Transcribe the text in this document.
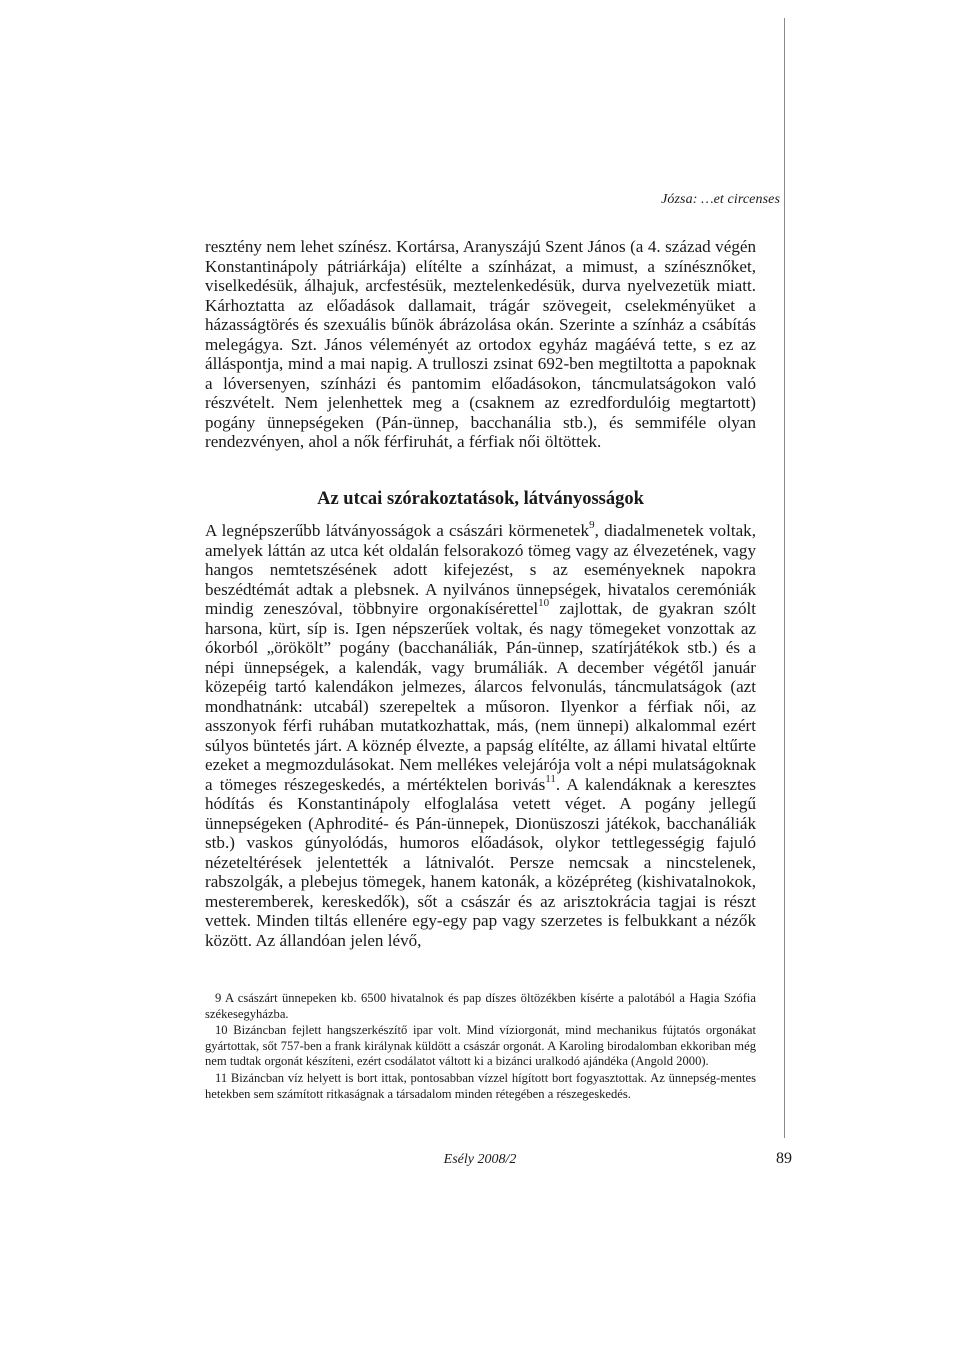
Józsa: …et circenses

resztény nem lehet színész. Kortársa, Aranyszájú Szent János (a 4. század végén Konstantinápoly pátriárkája) elítélte a színházat, a mimust, a színésznőket, viselkedésük, álhajuk, arcfestésük, meztelenkedésük, durva nyelvezetük miatt. Kárhoztatta az előadások dallamait, trágár szövegeit, cselekményüket a házasságtörés és szexuális bűnök ábrázolása okán. Szerinte a színház a csábítás melegágya. Szt. János véleményét az ortodox egyház magáévá tette, s ez az álláspontja, mind a mai napig. A trulloszi zsinat 692-ben megtiltotta a papoknak a lóversenyen, színházi és pantomim előadásokon, táncmulatságokon való részvételt. Nem jelenhettek meg a (csaknem az ezredfordulóig megtartott) pogány ünnepségeken (Pán-ünnep, bacchanália stb.), és semmiféle olyan rendezvényen, ahol a nők férfiruhát, a férfiak női öltöttek.

Az utcai szórakoztatások, látványosságok

A legnépszerűbb látványosságok a császári körmenetek$^9$, diadalmenetek voltak, amelyek láttán az utca két oldalán felsorakozó tömeg vagy az élvezetének, vagy hangos nemtetszésének adott kifejezést, s az eseményeknek napokra beszédtémát adtak a plebsnek. A nyilvános ünnepségek, hivatalos ceremóniák mindig zeneszóval, többnyire orgonakísérettel$^{10}$ zajlottak, de gyakran szólt harsona, kürt, síp is. Igen népszerűek voltak, és nagy tömegeket vonzottak az ókorból „örökölt” pogány (bacchanáliák, Pán-ünnep, szatírjátékok stb.) és a népi ünnepségek, a kalendák, vagy brumáliák. A december végétől január közepéig tartó kalendákon jelmezes, álarcos felvonulás, táncmulatságok (azt mondhatnánk: utcabál) szerepeltek a műsoron. Ilyenkor a férfiak női, az asszonyok férfi ruhában mutatkozhattak, más, (nem ünnepi) alkalommal ezért súlyos büntetés járt. A köznép élvezte, a papság elítélte, az állami hivatal eltűrte ezeket a megmozdulásokat. Nem mellékes velejárója volt a népi mulatságoknak a tömeges részegeskedés, a mértéktelen borivás$^{11}$. A kalendáknak a keresztes hódítás és Konstantinápoly elfoglalása vetett véget. A pogány jellegű ünnepségeken (Aphrodité- és Pán-ünnepek, Dionüszoszi játékok, bacchanáliák stb.) vaskos gúnyolódás, humoros előadások, olykor tettlegességig fajuló nézeteltérések jelentették a látnivalót. Persze nemcsak a nincstelenek, rabszolgák, a plebejus tömegek, hanem katonák, a középréteg (kishivatalnokok, mesteremberek, kereskedők), sőt a császár és az arisztokrácia tagjai is részt vettek. Minden tiltás ellenére egy-egy pap vagy szerzetes is felbukkant a nézők között. Az állandóan jelen lévő,

9 A császárt ünnepeken kb. 6500 hivatalnok és pap díszes öltözékben kísérte a palotából a Hagia Szófia székesegyházba.

10 Bizáncban fejlett hangszerkészítő ipar volt. Mind víziorgonát, mind mechanikus fújtatós orgonákat gyártottak, sőt 757-ben a frank királynak küldött a császár orgonát. A Karoling birodalomban ekkoriban még nem tudtak orgonát készíteni, ezért csodálatot váltott ki a bizánci uralkodó ajándéka (Angold 2000).

11 Bizáncban víz helyett is bort ittak, pontosabban vízzel hígított bort fogyasztottak. Az ünnepség-mentes hetekben sem számított ritkaságnak a társadalom minden rétegében a részegeskedés.

Esély 2008/2	89
